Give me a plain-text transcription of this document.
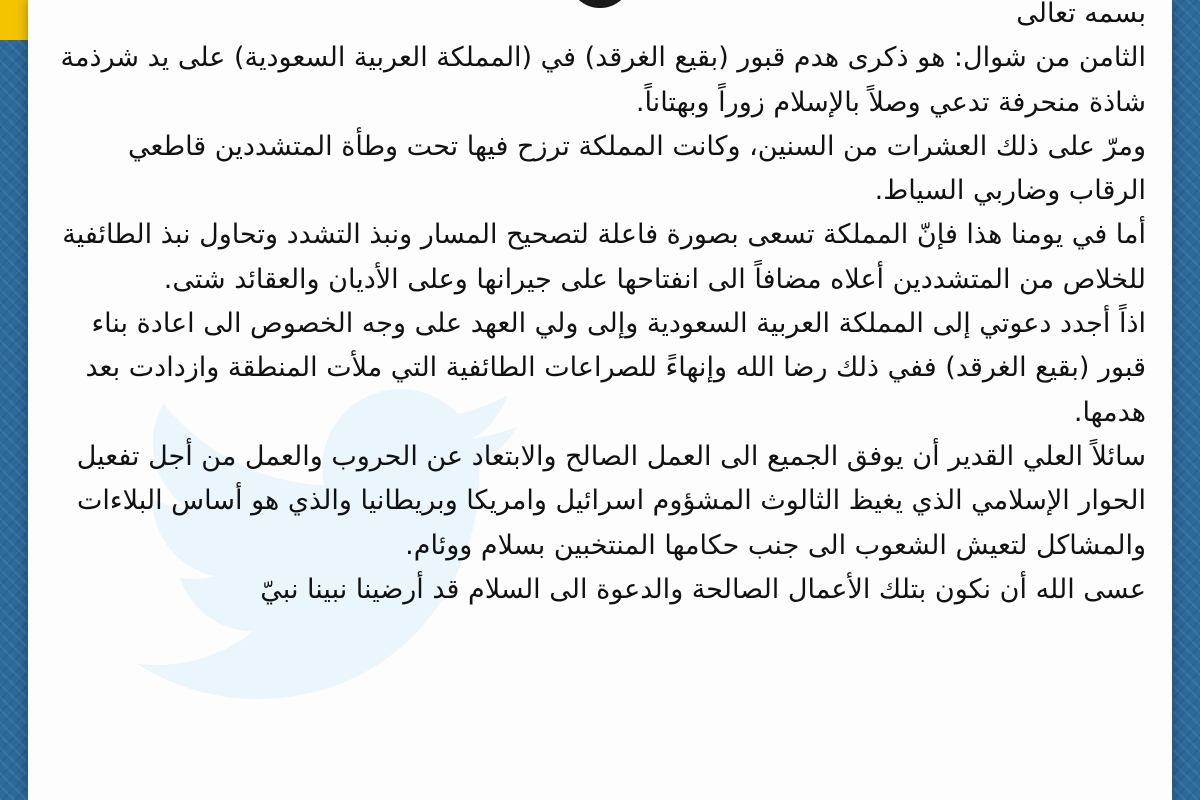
بسمه تعالى

الثامن من شوال: هو ذكرى هدم قبور (بقيع الغرقد) في (المملكة العربية السعودية) على يد شرذمة شاذة منحرفة تدعي وصلاً بالإسلام زوراً وبهتاناً.

ومرّ على ذلك العشرات من السنين، وكانت المملكة ترزح فيها تحت وطأة المتشددين قاطعي الرقاب وضاربي السياط.

أما في يومنا هذا فإنّ المملكة تسعى بصورة فاعلة لتصحيح المسار ونبذ التشدد وتحاول نبذ الطائفية للخلاص من المتشددين أعلاه مضافاً الى انفتاحها على جيرانها وعلى الأديان والعقائد شتى.

اذاً أجدد دعوتي إلى المملكة العربية السعودية وإلى ولي العهد على وجه الخصوص الى اعادة بناء قبور (بقيع الغرقد) ففي ذلك رضا الله وإنهاءً للصراعات الطائفية التي ملأت المنطقة وازدادت بعد هدمها.

سائلاً العلي القدير أن يوفق الجميع الى العمل الصالح والابتعاد عن الحروب والعمل من أجل تفعيل الحوار الإسلامي الذي يغيظ الثالوث المشؤوم اسرائيل وامريكا وبريطانيا والذي هو أساس البلاءات والمشاكل لتعيش الشعوب الى جنب حكامها المنتخبين بسلام ووئام.

عسى الله أن نكون بتلك الأعمال الصالحة والدعوة الى السلام قد أرضينا نبينا نبيّ
